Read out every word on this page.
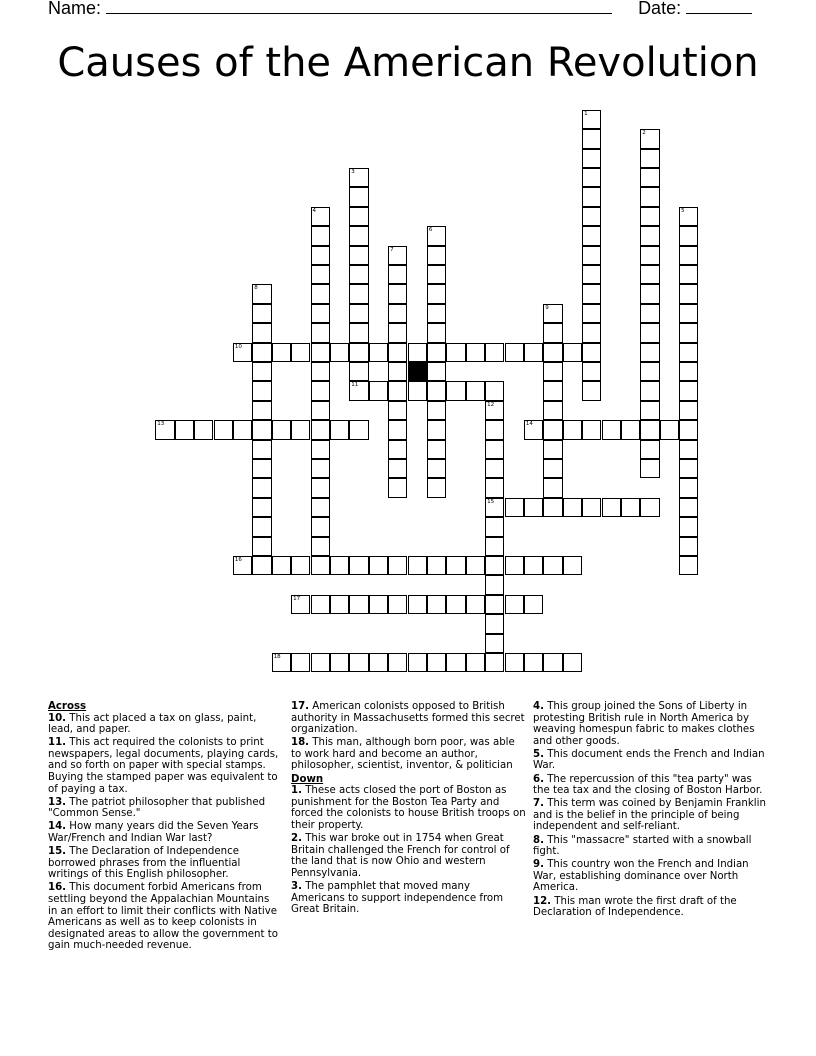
Name:	Date:
Causes of the American Revolution
10
11
13	14
15
16
17
18
1
2
3
4	5
6
7
8
9
12
Across
10. This act placed a tax on glass, paint, lead, and paper.
11. This act required the colonists to print newspapers, legal documents, playing cards, and so forth on paper with special stamps. Buying the stamped paper was equivalent to of paying a tax.
13. The patriot philosopher that published "Common Sense."
14. How many years did the Seven Years War/French and Indian War last?
15. The Declaration of Independence borrowed phrases from the influential writings of this English philosopher.
16. This document forbid Americans from settling beyond the Appalachian Mountains in an effort to limit their conflicts with Native Americans as well as to keep colonists in designated areas to allow the government to gain much-needed revenue.
17. American colonists opposed to British authority in Massachusetts formed this secret organization.
18. This man, although born poor, was able to work hard and become an author, philosopher, scientist, inventor, & politician
Down
1. These acts closed the port of Boston as punishment for the Boston Tea Party and forced the colonists to house British troops on their property.
2. This war broke out in 1754 when Great Britain challenged the French for control of the land that is now Ohio and western Pennsylvania.
3. The pamphlet that moved many Americans to support independence from Great Britain.
4. This group joined the Sons of Liberty in protesting British rule in North America by weaving homespun fabric to makes clothes and other goods.
5. This document ends the French and Indian War.
6. The repercussion of this "tea party" was the tea tax and the closing of Boston Harbor.
7. This term was coined by Benjamin Franklin and is the belief in the principle of being independent and self-reliant.
8. This "massacre" started with a snowball fight.
9. This country won the French and Indian War, establishing dominance over North America.
12. This man wrote the first draft of the Declaration of Independence.
